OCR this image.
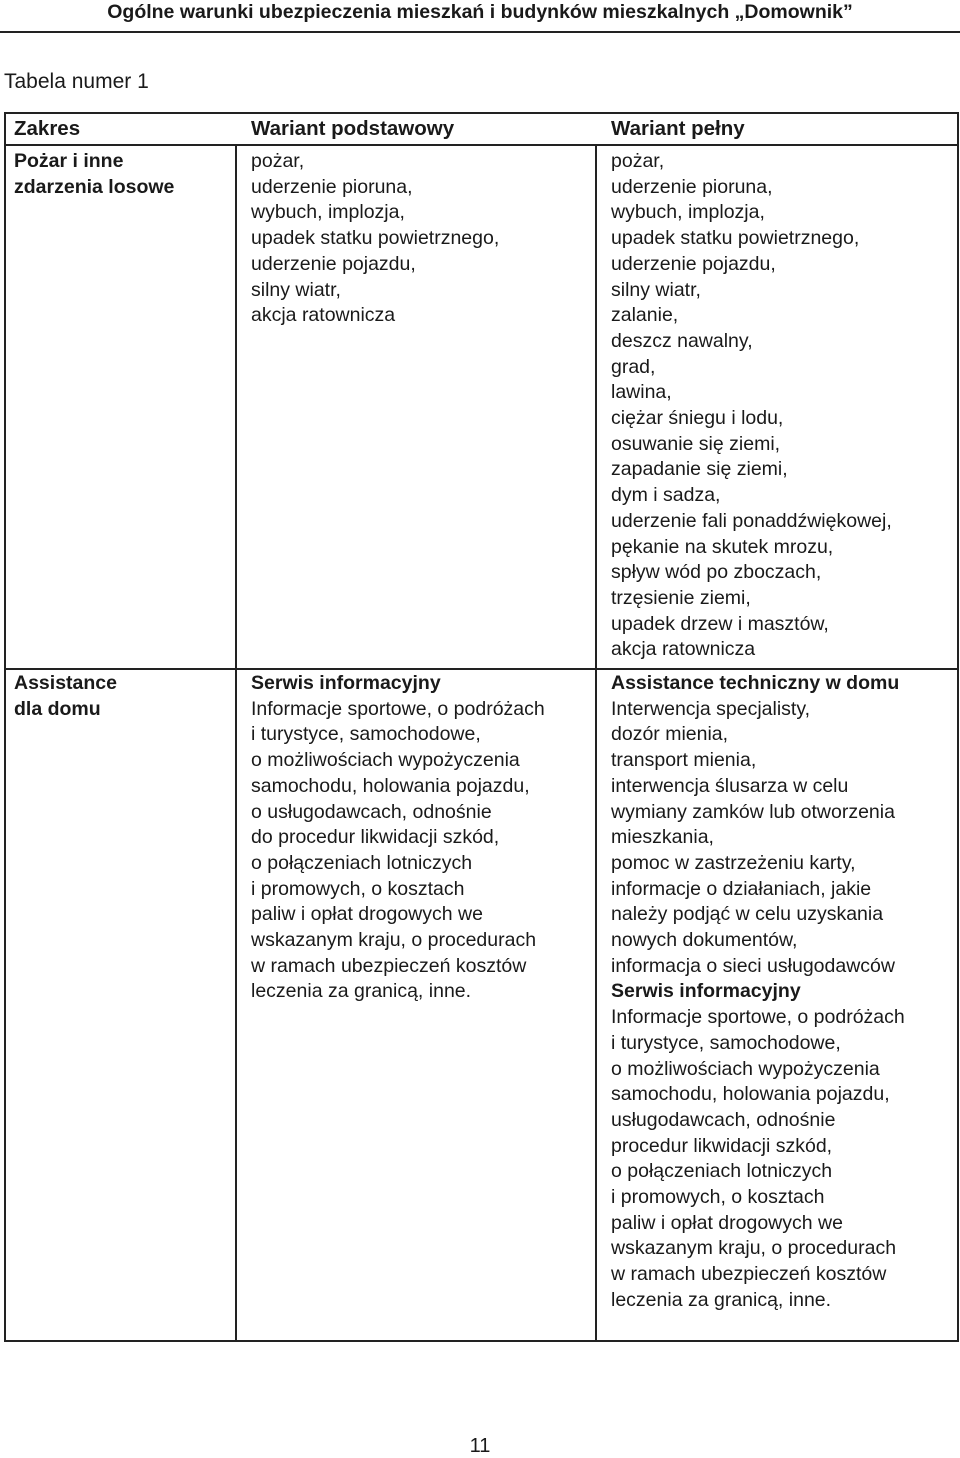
Ogólne warunki ubezpieczenia mieszkań i budynków mieszkalnych „Domownik”
Tabela numer 1
Zakres	Wariant podstawowy	Wariant pełny
Pożar i inne
zdarzenia losowe
pożar,
uderzenie pioruna,
wybuch, implozja,
upadek statku powietrznego,
uderzenie pojazdu,
silny wiatr,
akcja ratownicza
pożar,
uderzenie pioruna,
wybuch, implozja,
upadek statku powietrznego,
uderzenie pojazdu,
silny wiatr,
zalanie,
deszcz nawalny,
grad,
lawina,
ciężar śniegu i lodu,
osuwanie się ziemi,
zapadanie się ziemi,
dym i sadza,
uderzenie fali ponaddźwiękowej,
pękanie na skutek mrozu,
spływ wód po zboczach,
trzęsienie ziemi,
upadek drzew i masztów,
akcja ratownicza
Assistance
dla domu
Serwis informacyjny
Informacje sportowe, o podróżach
i turystyce, samochodowe,
o możliwościach wypożyczenia
samochodu, holowania pojazdu,
o usługodawcach, odnośnie
do procedur likwidacji szkód,
o połączeniach lotniczych
i promowych, o kosztach
paliw i opłat drogowych we
wskazanym kraju, o procedurach
w ramach ubezpieczeń kosztów
leczenia za granicą, inne.
Assistance techniczny w domu
Interwencja specjalisty,
dozór mienia,
transport mienia,
interwencja ślusarza w celu
wymiany zamków lub otworzenia
mieszkania,
pomoc w zastrzeżeniu karty,
informacje o działaniach, jakie
należy podjąć w celu uzyskania
nowych dokumentów,
informacja o sieci usługodawców
Serwis informacyjny
Informacje sportowe, o podróżach
i turystyce, samochodowe,
o możliwościach wypożyczenia
samochodu, holowania pojazdu,
usługodawcach, odnośnie
procedur likwidacji szkód,
o połączeniach lotniczych
i promowych, o kosztach
paliw i opłat drogowych we
wskazanym kraju, o procedurach
w ramach ubezpieczeń kosztów
leczenia za granicą, inne.
11
